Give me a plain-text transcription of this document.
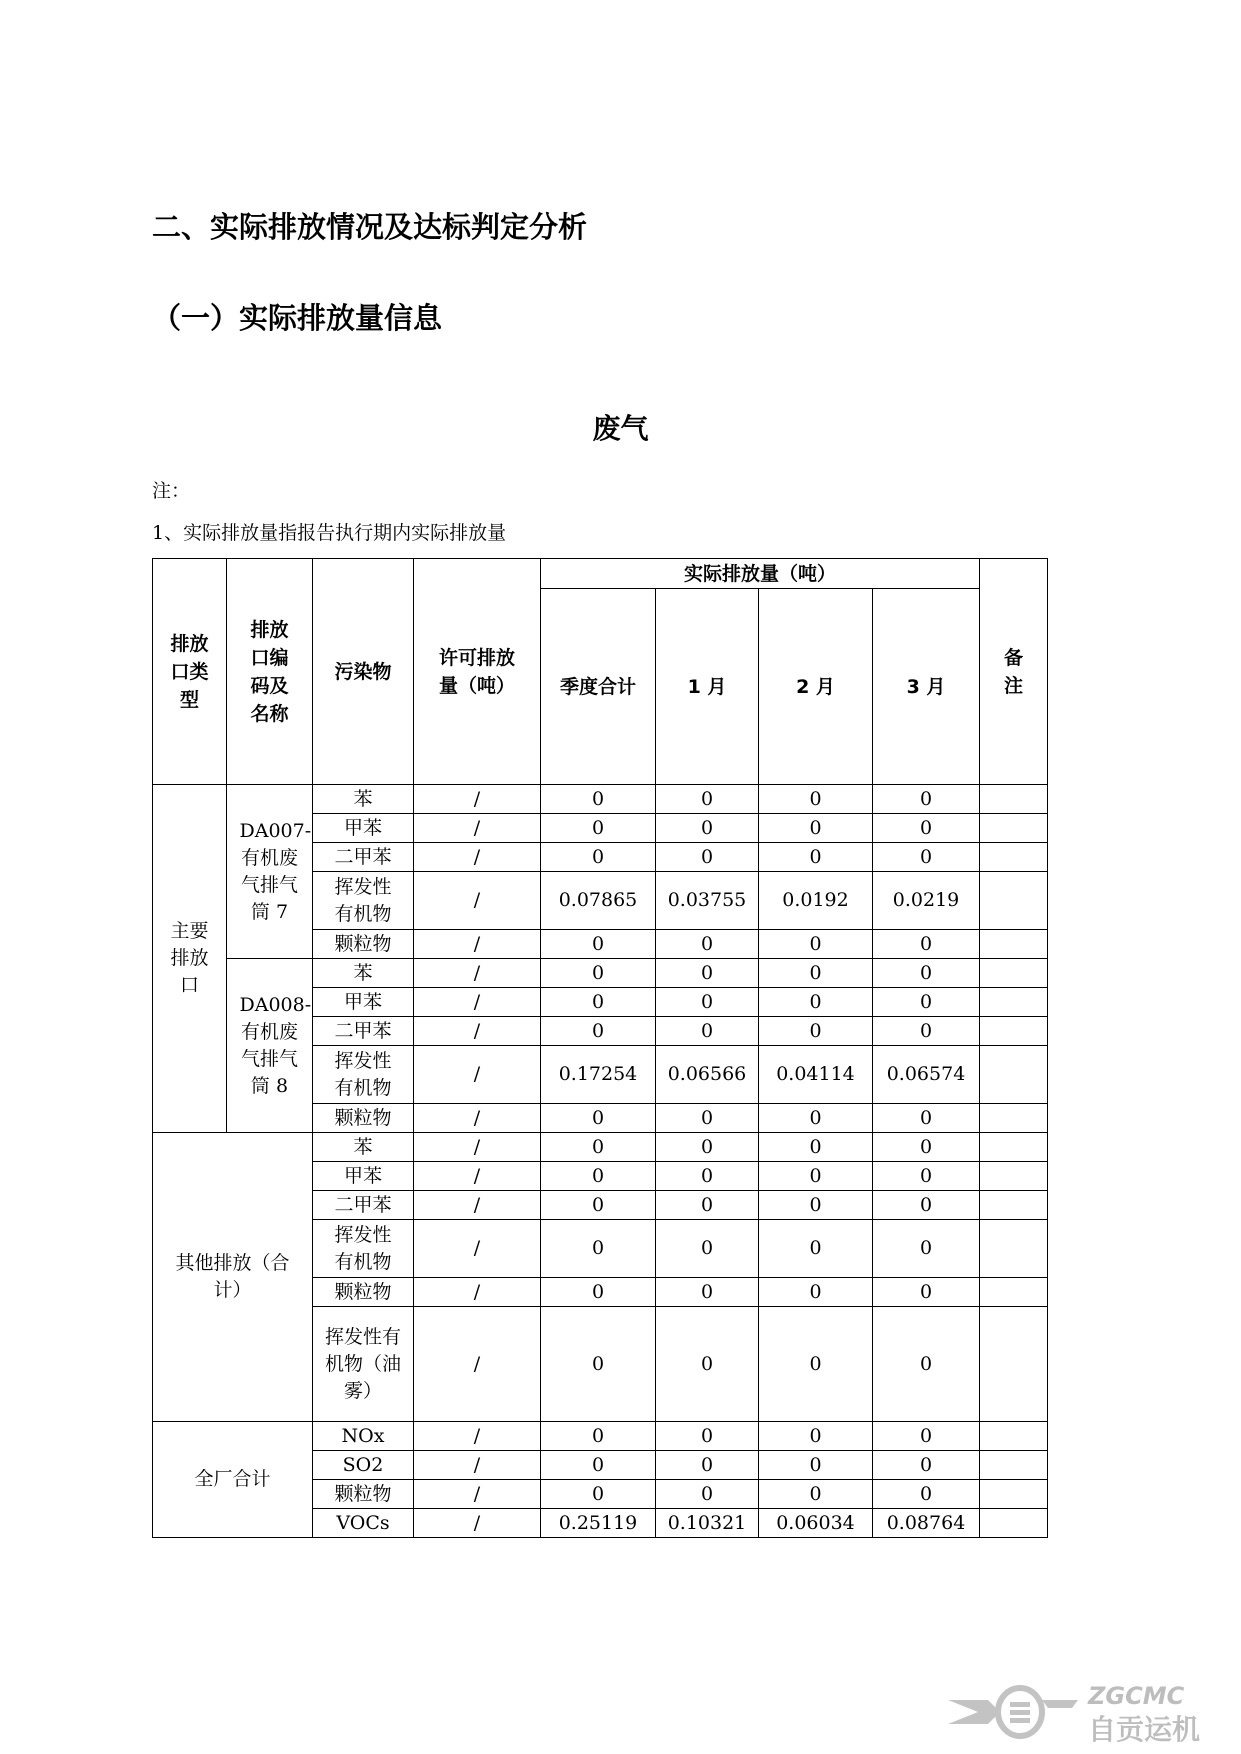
二、实际排放情况及达标判定分析
（一）实际排放量信息
废气

注：

1、实际排放量指报告执行期内实际排放量

排放口类型	排放口编码及名称	污染物	许可排放量（吨）	实际排放量（吨）				备注
				季度合计	1 月	2 月	3 月	
主要排放口	DA007-有机废气排气筒 7	苯	/	0	0	0	0	
		甲苯	/	0	0	0	0	
		二甲苯	/	0	0	0	0	
		挥发性有机物	/	0.07865	0.03755	0.0192	0.0219	
		颗粒物	/	0	0	0	0	
	DA008-有机废气排气筒 8	苯	/	0	0	0	0	
		甲苯	/	0	0	0	0	
		二甲苯	/	0	0	0	0	
		挥发性有机物	/	0.17254	0.06566	0.04114	0.06574	
		颗粒物	/	0	0	0	0	
其他排放（合计）		苯	/	0	0	0	0	
		甲苯	/	0	0	0	0	
		二甲苯	/	0	0	0	0	
		挥发性有机物	/	0	0	0	0	
		颗粒物	/	0	0	0	0	
		挥发性有机物（油雾）	/	0	0	0	0	
全厂合计		NOx	/	0	0	0	0	
		SO2	/	0	0	0	0	
		颗粒物	/	0	0	0	0	
		VOCs	/	0.25119	0.10321	0.06034	0.08764	
ZGCMC
自贡运机
